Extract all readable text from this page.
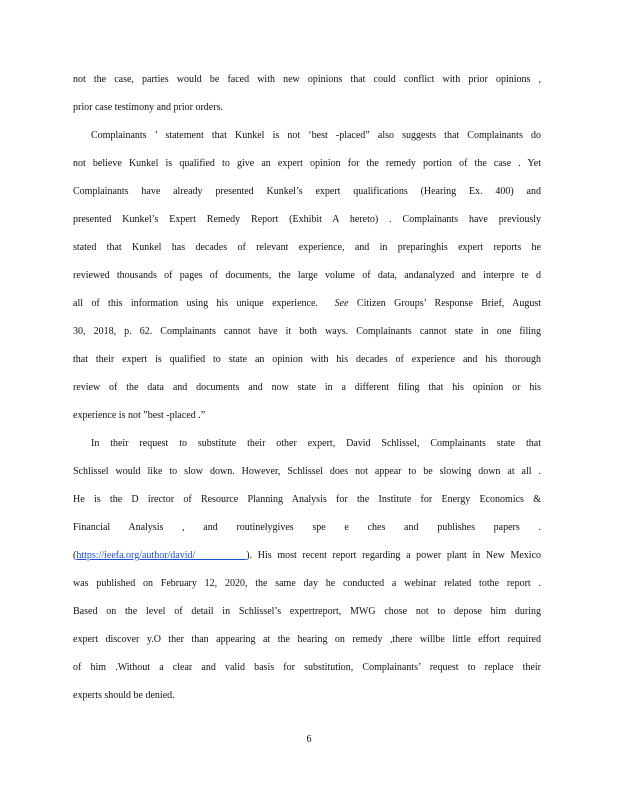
not the case, parties would be faced with new opinions that could conflict with prior opinions ,
prior case testimony and prior orders.
Complainants ’ statement that Kunkel is not ‘best -placed” also suggests that Complainants do
not believe Kunkel is qualified to give an expert opinion for the remedy portion of the case . Yet
Complainants have already presented Kunkel’s expert qualifications (Hearing Ex. 400) and
presented Kunkel’s Expert Remedy Report (Exhibit A hereto) . Complainants have previously
stated that Kunkel has decades of relevant experience, and in preparinghis expert reports he
reviewed thousands of pages of documents, the large volume of data, andanalyzed and interpre te d
all of this information using his unique experience. See Citizen Groups’ Response Brief, August
30, 2018, p. 62. Complainants cannot have it both ways. Complainants cannot state in one filing
that their expert is qualified to state an opinion with his decades of experience and his thorough
review of the data and documents and now state in a different filing that his opinion or his
experience is not ”best -placed .”
In their request to substitute their other expert, David Schlissel, Complainants state that
Schlissel would like to slow down. However, Schlissel does not appear to be slowing down at all .
He is the D irector of Resource Planning Analysis for the Institute for Energy Economics &
Financial Analysis , and routinelygives spe e ches and publishes papers .
(https://ieefa.org/author/david/	). His most recent report regarding a power plant in New Mexico
was published on February 12, 2020, the same day he conducted a webinar related tothe report .
Based on the level of detail in Schlissel’s expertreport, MWG chose not to depose him during
expert discover y.O ther than appearing at the hearing on remedy ,there willbe little effort required
of him .Without a clear and valid basis for substitution, Complainants’ request to replace their
experts should be denied.
6
